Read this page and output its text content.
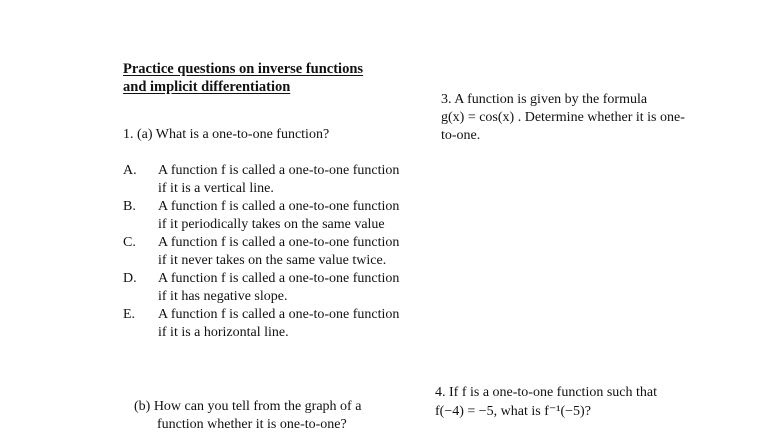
Practice questions on inverse functions
and implicit differentiation
1. (a) What is a one-to-one function?
A.	A function f is called a one-to-one function if it is a vertical line.
B.	A function f is called a one-to-one function if it periodically takes on the same value
C.	A function f is called a one-to-one function if it never takes on the same value twice.
D.	A function f is called a one-to-one function if it has negative slope.
E.	A function f is called a one-to-one function if it is a horizontal line.
(b) How can you tell from the graph of a
function whether it is one-to-one?
3. A function is given by the formula
g(x) = cos(x) . Determine whether it is one-
to-one.
4. If f is a one-to-one function such that
f(−4) = −5, what is f⁻¹(−5)?
